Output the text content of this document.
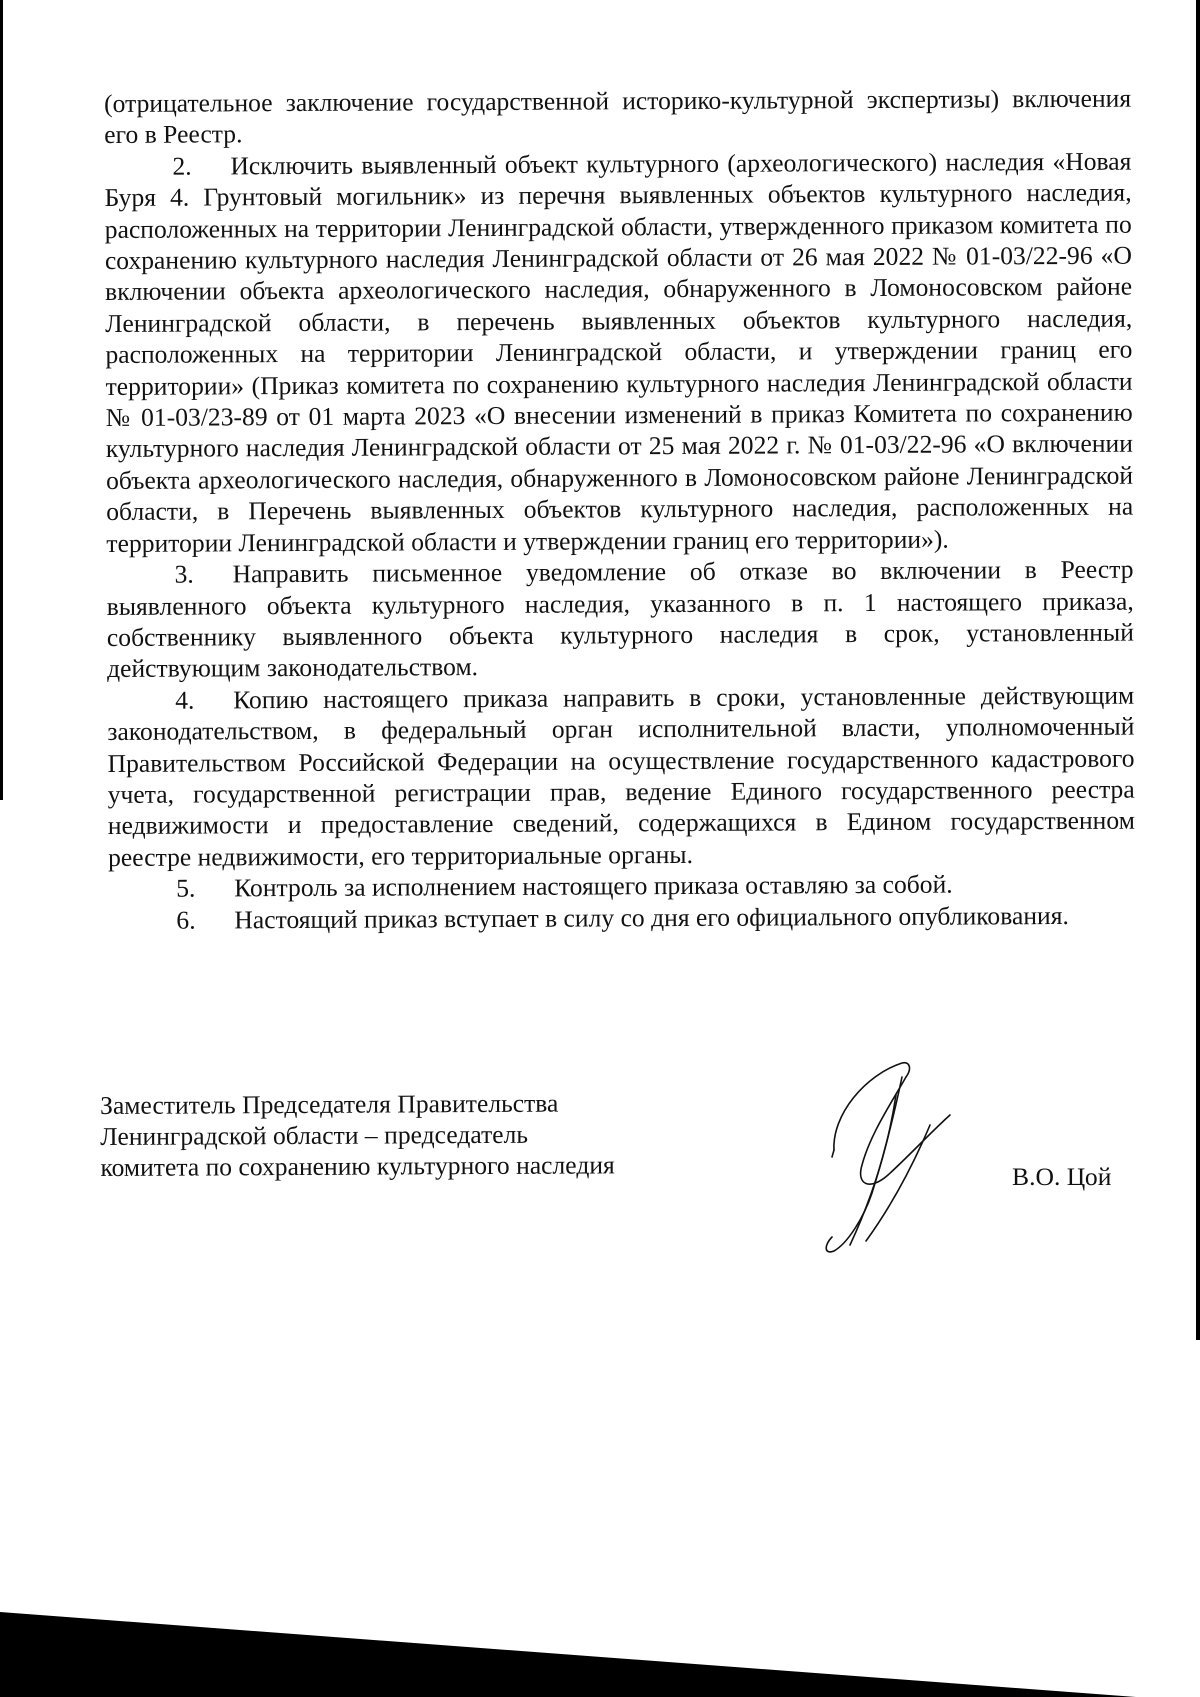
(отрицательное заключение государственной историко-культурной экспертизы) включения его в Реестр.

2. Исключить выявленный объект культурного (археологического) наследия «Новая Буря 4. Грунтовый могильник» из перечня выявленных объектов культурного наследия, расположенных на территории Ленинградской области, утвержденного приказом комитета по сохранению культурного наследия Ленинградской области от 26 мая 2022 № 01-03/22-96 «О включении объекта археологического наследия, обнаруженного в Ломоносовском районе Ленинградской области, в перечень выявленных объектов культурного наследия, расположенных на территории Ленинградской области, и утверждении границ его территории» (Приказ комитета по сохранению культурного наследия Ленинградской области № 01-03/23-89 от 01 марта 2023 «О внесении изменений в приказ Комитета по сохранению культурного наследия Ленинградской области от 25 мая 2022 г. № 01-03/22-96 «О включении объекта археологического наследия, обнаруженного в Ломоносовском районе Ленинградской области, в Перечень выявленных объектов культурного наследия, расположенных на территории Ленинградской области и утверждении границ его территории»).

3. Направить письменное уведомление об отказе во включении в Реестр выявленного объекта культурного наследия, указанного в п. 1 настоящего приказа, собственнику выявленного объекта культурного наследия в срок, установленный действующим законодательством.

4. Копию настоящего приказа направить в сроки, установленные действующим законодательством, в федеральный орган исполнительной власти, уполномоченный Правительством Российской Федерации на осуществление государственного кадастрового учета, государственной регистрации прав, ведение Единого государственного реестра недвижимости и предоставление сведений, содержащихся в Едином государственном реестре недвижимости, его территориальные органы.

5. Контроль за исполнением настоящего приказа оставляю за собой.

6. Настоящий приказ вступает в силу со дня его официального опубликования.

Заместитель Председателя Правительства
Ленинградской области – председатель
комитета по сохранению культурного наследия	В.О. Цой
